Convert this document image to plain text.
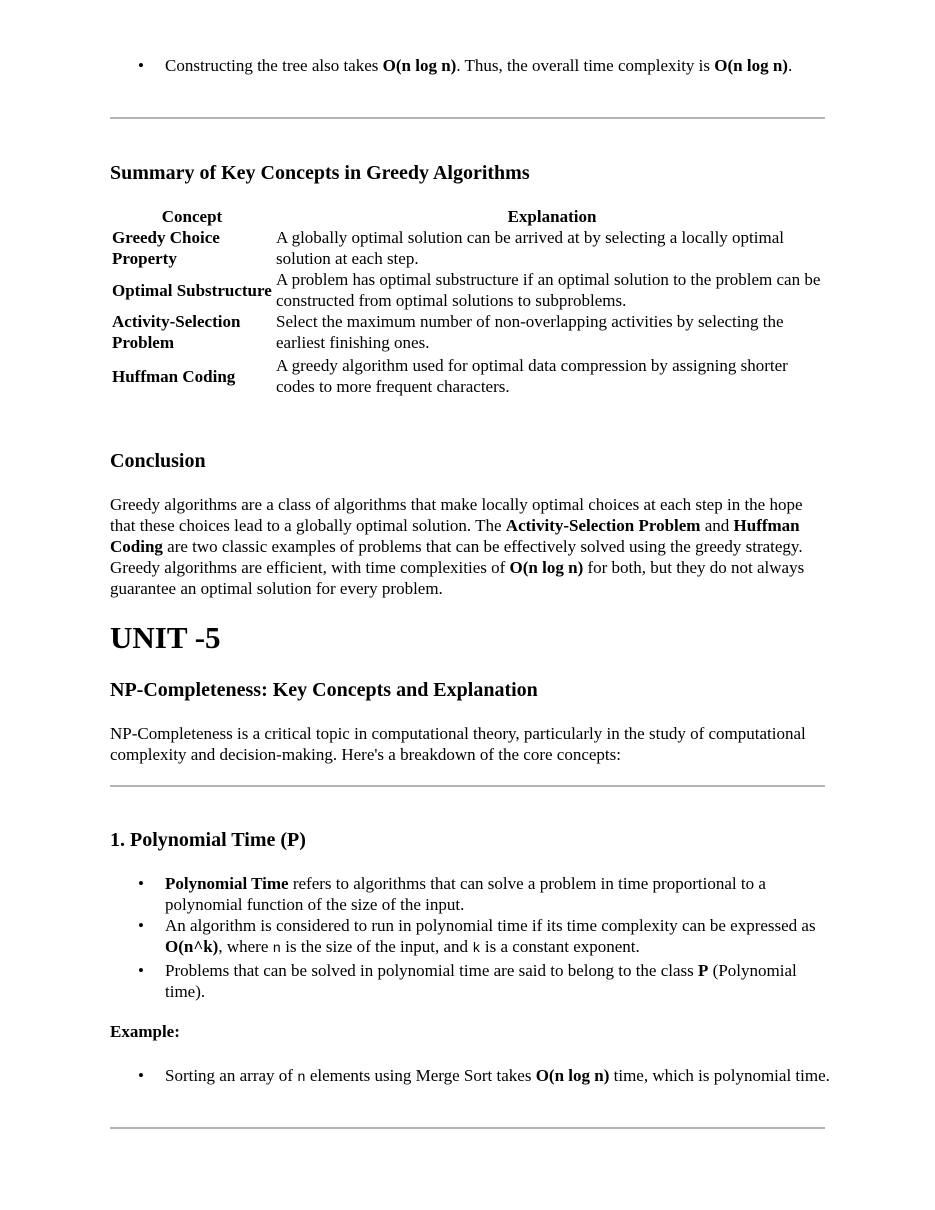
• Constructing the tree also takes O(n log n). Thus, the overall time complexity is O(n log n).
Summary of Key Concepts in Greedy Algorithms
Concept	Explanation
Greedy Choice Property	A globally optimal solution can be arrived at by selecting a locally optimal solution at each step.
Optimal Substructure	A problem has optimal substructure if an optimal solution to the problem can be constructed from optimal solutions to subproblems.
Activity-Selection Problem	Select the maximum number of non-overlapping activities by selecting the earliest finishing ones.
Huffman Coding	A greedy algorithm used for optimal data compression by assigning shorter codes to more frequent characters.
Conclusion

Greedy algorithms are a class of algorithms that make locally optimal choices at each step in the hope that these choices lead to a globally optimal solution. The Activity-Selection Problem and Huffman Coding are two classic examples of problems that can be effectively solved using the greedy strategy. Greedy algorithms are efficient, with time complexities of O(n log n) for both, but they do not always guarantee an optimal solution for every problem.

UNIT -5
NP-Completeness: Key Concepts and Explanation

NP-Completeness is a critical topic in computational theory, particularly in the study of computational complexity and decision-making. Here's a breakdown of the core concepts:

1. Polynomial Time (P)
• Polynomial Time refers to algorithms that can solve a problem in time proportional to a polynomial function of the size of the input.
• An algorithm is considered to run in polynomial time if its time complexity can be expressed as O(n^k), where n is the size of the input, and k is a constant exponent.
• Problems that can be solved in polynomial time are said to belong to the class P (Polynomial time).

Example:

• Sorting an array of n elements using Merge Sort takes O(n log n) time, which is polynomial time.
